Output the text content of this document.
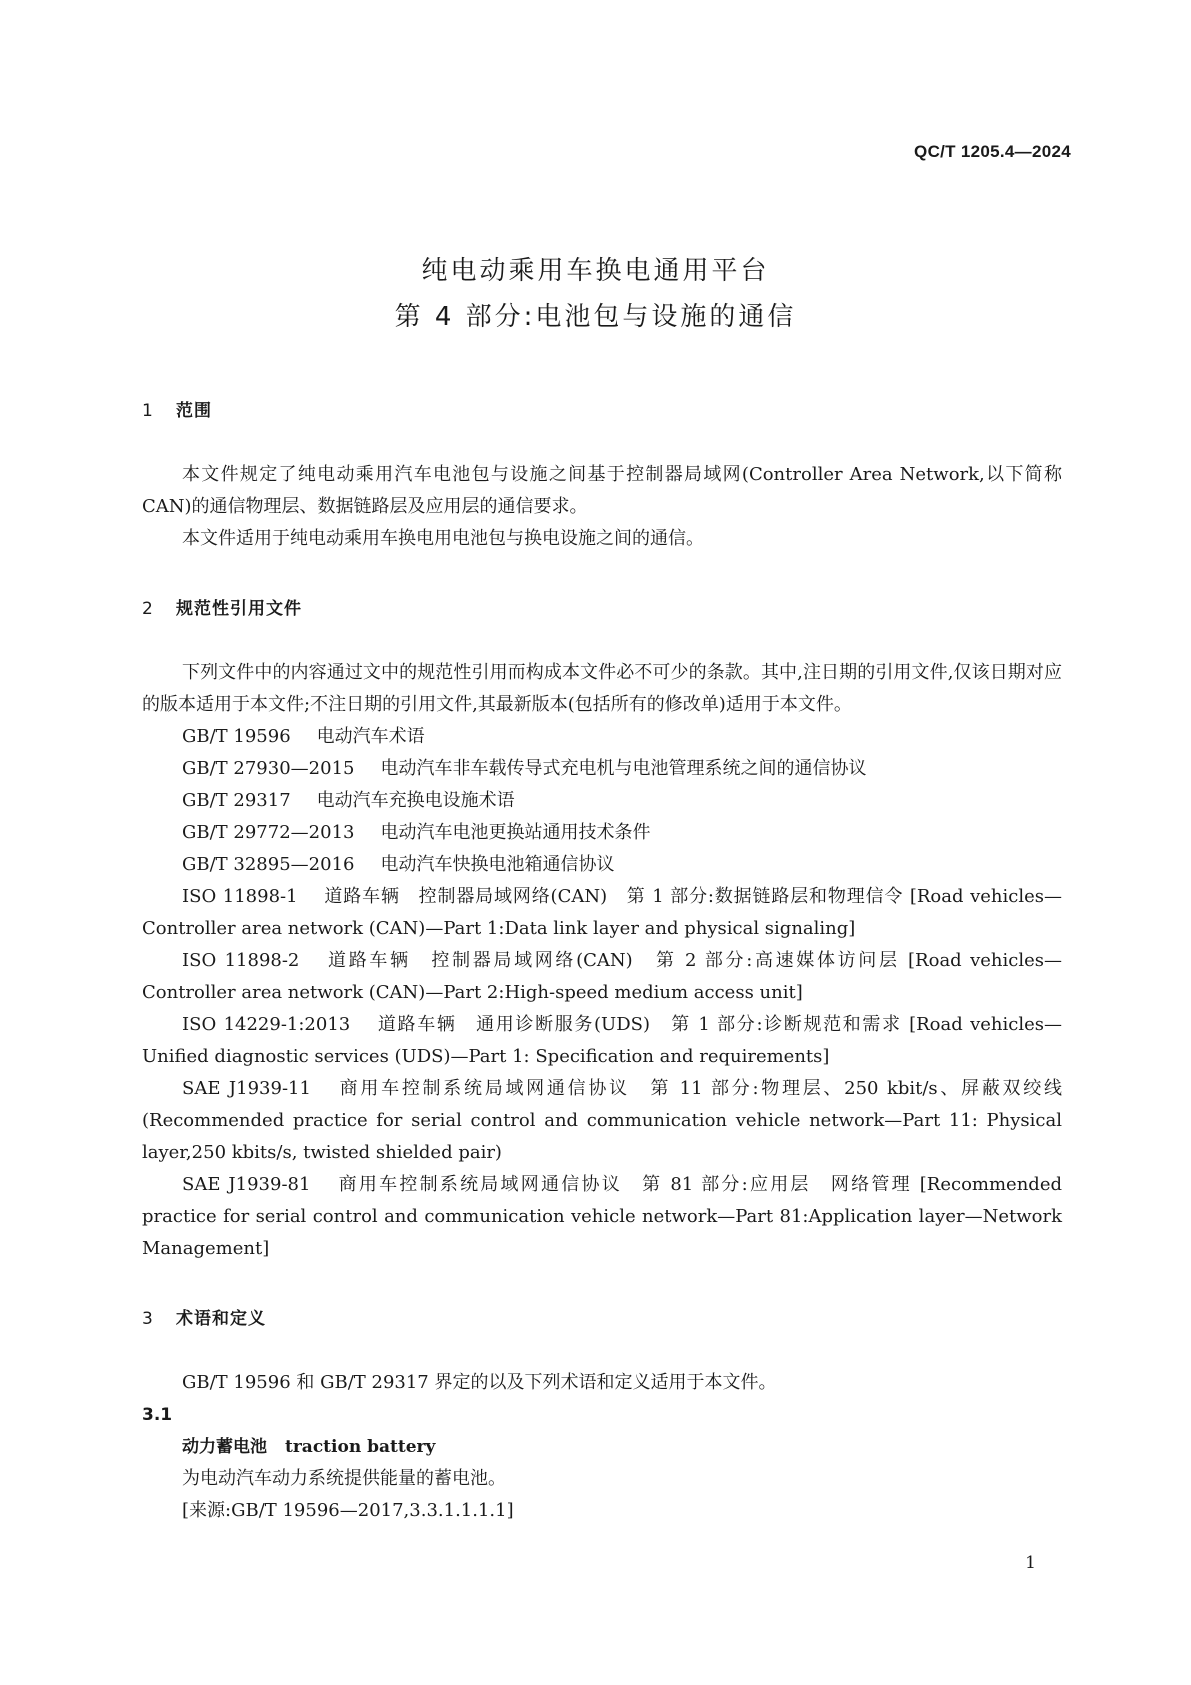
QC/T 1205.4—2024
纯电动乘用车换电通用平台
第 4 部分:电池包与设施的通信
1 范围

本文件规定了纯电动乘用汽车电池包与设施之间基于控制器局域网(Controller Area Network,以下简称 CAN)的通信物理层、数据链路层及应用层的通信要求。

本文件适用于纯电动乘用车换电用电池包与换电设施之间的通信。

2 规范性引用文件

下列文件中的内容通过文中的规范性引用而构成本文件必不可少的条款。其中,注日期的引用文件,仅该日期对应的版本适用于本文件;不注日期的引用文件,其最新版本(包括所有的修改单)适用于本文件。

GB/T 19596 电动汽车术语

GB/T 27930—2015 电动汽车非车载传导式充电机与电池管理系统之间的通信协议

GB/T 29317 电动汽车充换电设施术语

GB/T 29772—2013 电动汽车电池更换站通用技术条件

GB/T 32895—2016 电动汽车快换电池箱通信协议

ISO 11898-1 道路车辆　控制器局域网络(CAN)　第 1 部分:数据链路层和物理信令 [Road vehicles—Controller area network (CAN)—Part 1:Data link layer and physical signaling]

ISO 11898-2 道路车辆　控制器局域网络(CAN)　第 2 部分:高速媒体访问层 [Road vehicles—Controller area network (CAN)—Part 2:High-speed medium access unit]

ISO 14229-1:2013 道路车辆　通用诊断服务(UDS)　第 1 部分:诊断规范和需求 [Road vehicles—Unified diagnostic services (UDS)—Part 1: Specification and requirements]

SAE J1939-11 商用车控制系统局域网通信协议　第 11 部分:物理层、250 kbit/s、屏蔽双绞线(Recommended practice for serial control and communication vehicle network—Part 11: Physical layer,250 kbits/s, twisted shielded pair)

SAE J1939-81 商用车控制系统局域网通信协议　第 81 部分:应用层　网络管理 [Recommended practice for serial control and communication vehicle network—Part 81:Application layer—Network Management]

3 术语和定义

GB/T 19596 和 GB/T 29317 界定的以及下列术语和定义适用于本文件。

3.1
动力蓄电池 traction battery
为电动汽车动力系统提供能量的蓄电池。
[来源:GB/T 19596—2017,3.3.1.1.1.1]
1
